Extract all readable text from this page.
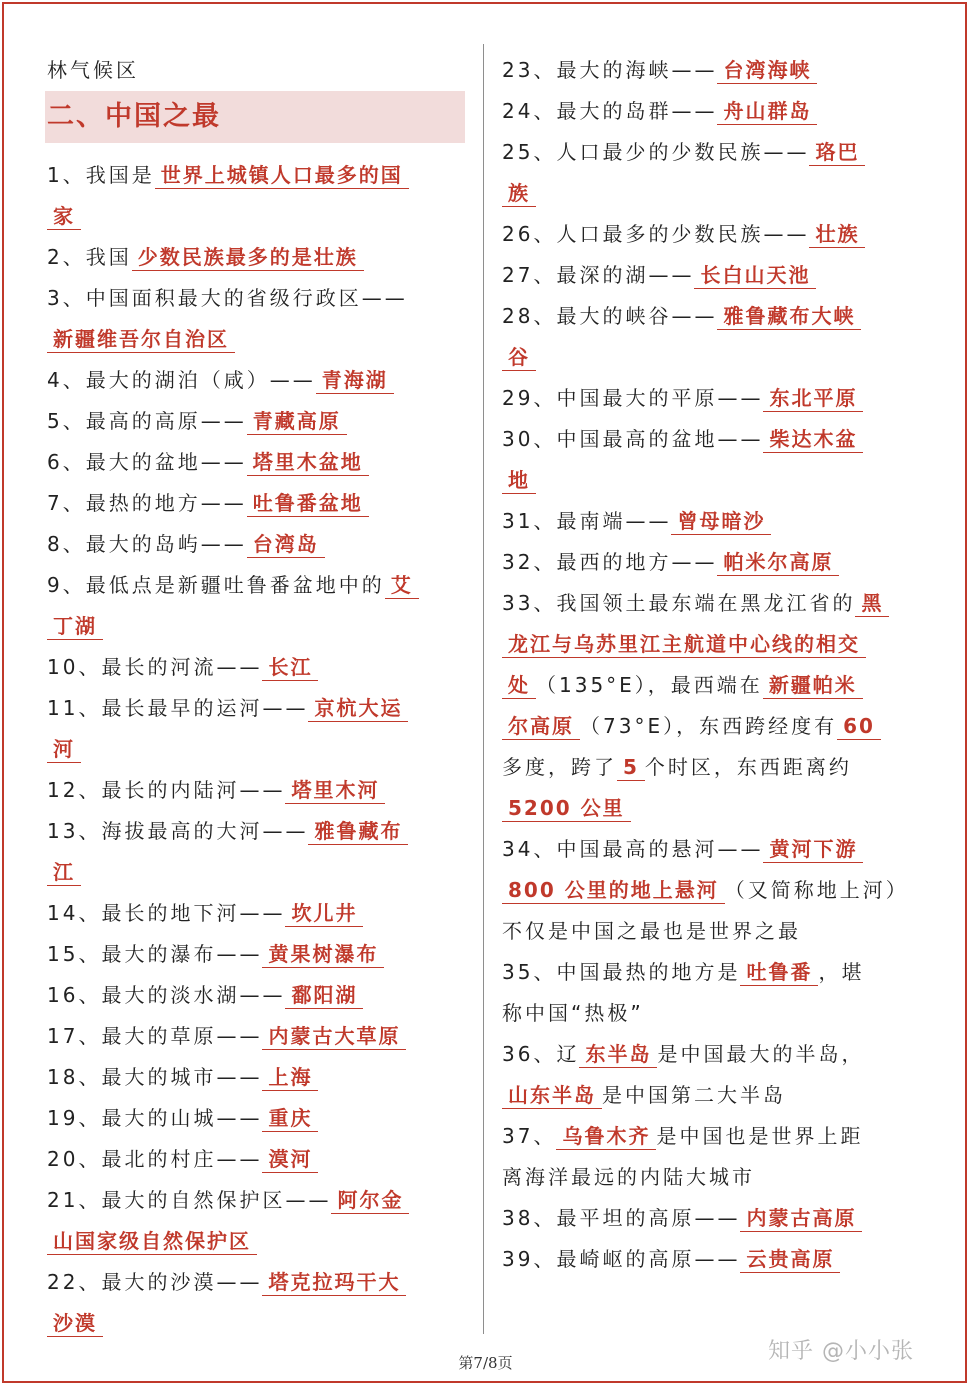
林气候区
二、中国之最
1、我国是 世界上城镇人口最多的国
家
2、我国 少数民族最多的是壮族
3、中国面积最大的省级行政区——
新疆维吾尔自治区
4、最大的湖泊（咸）—— 青海湖
5、最高的高原—— 青藏高原
6、最大的盆地—— 塔里木盆地
7、最热的地方—— 吐鲁番盆地
8、最大的岛屿—— 台湾岛
9、最低点是新疆吐鲁番盆地中的 艾
丁湖
10、最长的河流—— 长江
11、最长最早的运河—— 京杭大运
河
12、最长的内陆河—— 塔里木河
13、海拔最高的大河—— 雅鲁藏布
江
14、最长的地下河—— 坎儿井
15、最大的瀑布—— 黄果树瀑布
16、最大的淡水湖—— 鄱阳湖
17、最大的草原—— 内蒙古大草原
18、最大的城市—— 上海
19、最大的山城—— 重庆
20、最北的村庄—— 漠河
21、最大的自然保护区—— 阿尔金
山国家级自然保护区
22、最大的沙漠—— 塔克拉玛干大
沙漠
23、最大的海峡—— 台湾海峡
24、最大的岛群—— 舟山群岛
25、人口最少的少数民族—— 珞巴
族
26、人口最多的少数民族—— 壮族
27、最深的湖—— 长白山天池
28、最大的峡谷—— 雅鲁藏布大峡
谷
29、中国最大的平原—— 东北平原
30、中国最高的盆地—— 柴达木盆
地
31、最南端—— 曾母暗沙
32、最西的地方—— 帕米尔高原
33、我国领土最东端在黑龙江省的 黑
龙江与乌苏里江主航道中心线的相交
处 （135°E），最西端在 新疆帕米
尔高原 （73°E），东西跨经度有 60
多度，跨了 5 个时区，东西距离约
5200 公里
34、中国最高的悬河—— 黄河下游
800 公里的地上悬河 （又简称地上河）
不仅是中国之最也是世界之最
35、中国最热的地方是 吐鲁番 ，堪
称中国“热极”
36、辽 东半岛 是中国最大的半岛，
山东半岛 是中国第二大半岛
37、 乌鲁木齐 是中国也是世界上距
离海洋最远的内陆大城市
38、最平坦的高原—— 内蒙古高原
39、最崎岖的高原—— 云贵高原
第7/8页	知乎 @小小张
